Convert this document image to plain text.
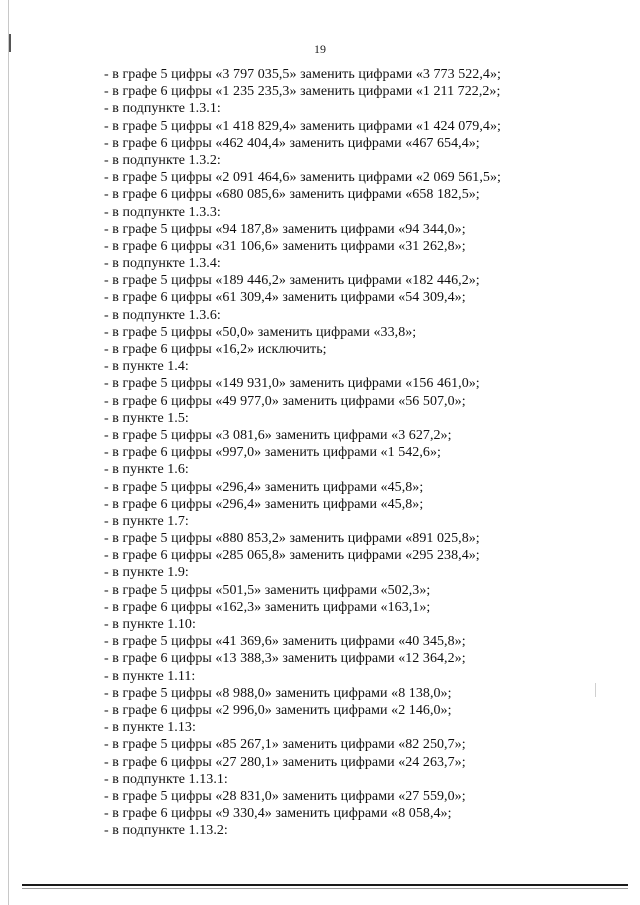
19
- в графе 5 цифры «3 797 035,5» заменить цифрами «3 773 522,4»;
- в графе 6 цифры «1 235 235,3» заменить цифрами «1 211 722,2»;
- в подпункте 1.3.1:
- в графе 5 цифры «1 418 829,4» заменить цифрами «1 424 079,4»;
- в графе 6 цифры «462 404,4» заменить цифрами «467 654,4»;
- в подпункте 1.3.2:
- в графе 5 цифры «2 091 464,6» заменить цифрами «2 069 561,5»;
- в графе 6 цифры «680 085,6» заменить цифрами «658 182,5»;
- в подпункте 1.3.3:
- в графе 5 цифры «94 187,8» заменить цифрами «94 344,0»;
- в графе 6 цифры «31 106,6» заменить цифрами «31 262,8»;
- в подпункте 1.3.4:
- в графе 5 цифры «189 446,2» заменить цифрами «182 446,2»;
- в графе 6 цифры «61 309,4» заменить цифрами «54 309,4»;
- в подпункте 1.3.6:
- в графе 5 цифры «50,0» заменить цифрами «33,8»;
- в графе 6 цифры «16,2» исключить;
- в пункте 1.4:
- в графе 5 цифры «149 931,0» заменить цифрами «156 461,0»;
- в графе 6 цифры «49 977,0» заменить цифрами «56 507,0»;
- в пункте 1.5:
- в графе 5 цифры «3 081,6» заменить цифрами «3 627,2»;
- в графе 6 цифры «997,0» заменить цифрами «1 542,6»;
- в пункте 1.6:
- в графе 5 цифры «296,4» заменить цифрами «45,8»;
- в графе 6 цифры «296,4» заменить цифрами «45,8»;
- в пункте 1.7:
- в графе 5 цифры «880 853,2» заменить цифрами «891 025,8»;
- в графе 6 цифры «285 065,8» заменить цифрами «295 238,4»;
- в пункте 1.9:
- в графе 5 цифры «501,5» заменить цифрами «502,3»;
- в графе 6 цифры «162,3» заменить цифрами «163,1»;
- в пункте 1.10:
- в графе 5 цифры «41 369,6» заменить цифрами «40 345,8»;
- в графе 6 цифры «13 388,3» заменить цифрами «12 364,2»;
- в пункте 1.11:
- в графе 5 цифры «8 988,0» заменить цифрами «8 138,0»;
- в графе 6 цифры «2 996,0» заменить цифрами «2 146,0»;
- в пункте 1.13:
- в графе 5 цифры «85 267,1» заменить цифрами «82 250,7»;
- в графе 6 цифры «27 280,1» заменить цифрами «24 263,7»;
- в подпункте 1.13.1:
- в графе 5 цифры «28 831,0» заменить цифрами «27 559,0»;
- в графе 6 цифры «9 330,4» заменить цифрами «8 058,4»;
- в подпункте 1.13.2:
